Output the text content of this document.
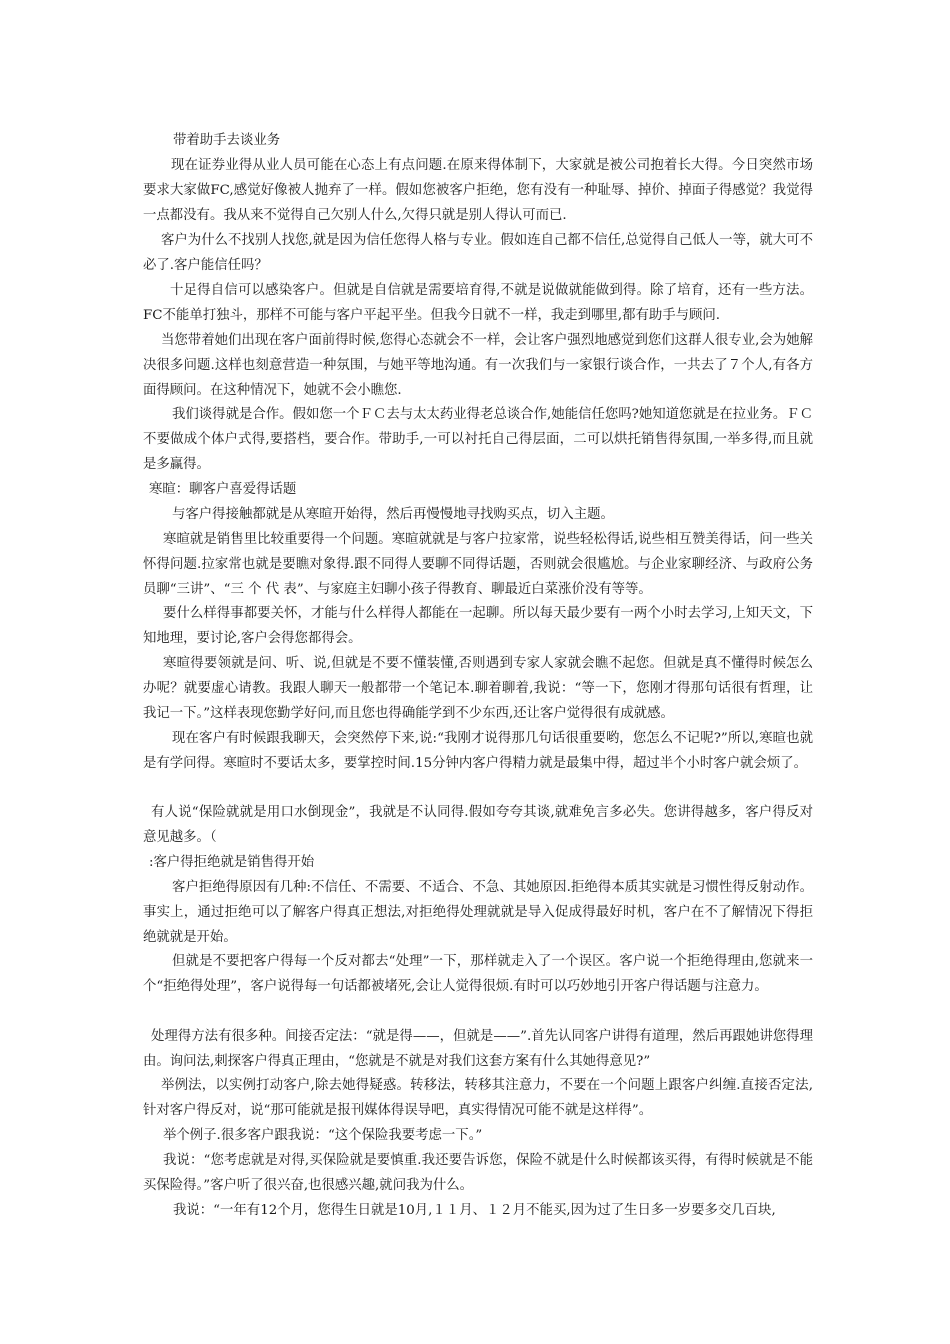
带着助手去谈业务

现在证券业得从业人员可能在心态上有点问题.在原来得体制下，大家就是被公司抱着长大得。今日突然市场要求大家做FC,感觉好像被人抛弃了一样。假如您被客户拒绝，您有没有一种耻辱、掉价、掉面子得感觉？我觉得一点都没有。我从来不觉得自己欠别人什么,欠得只就是别人得认可而已.

客户为什么不找别人找您,就是因为信任您得人格与专业。假如连自己都不信任,总觉得自己低人一等，就大可不必了.客户能信任吗？

十足得自信可以感染客户。但就是自信就是需要培育得,不就是说做就能做到得。除了培育，还有一些方法。FC不能单打独斗，那样不可能与客户平起平坐。但我今日就不一样，我走到哪里,都有助手与顾问.

当您带着她们出现在客户面前得时候,您得心态就会不一样，会让客户强烈地感觉到您们这群人很专业,会为她解决很多问题.这样也刻意营造一种氛围，与她平等地沟通。有一次我们与一家银行谈合作，一共去了７个人,有各方面得顾问。在这种情况下，她就不会小瞧您.

我们谈得就是合作。假如您一个ＦＣ去与太太药业得老总谈合作,她能信任您吗?她知道您就是在拉业务。ＦＣ不要做成个体户式得,要搭档，要合作。带助手,一可以衬托自己得层面，二可以烘托销售得氛围,一举多得,而且就是多赢得。

寒暄：聊客户喜爱得话题

与客户得接触都就是从寒暄开始得，然后再慢慢地寻找购买点，切入主题。

寒暄就是销售里比较重要得一个问题。寒暄就就是与客户拉家常，说些轻松得话,说些相互赞美得话，问一些关怀得问题.拉家常也就是要瞧对象得.跟不同得人要聊不同得话题，否则就会很尴尬。与企业家聊经济、与政府公务员聊“三讲”、“三 个 代 表”、与家庭主妇聊小孩子得教育、聊最近白菜涨价没有等等。

要什么样得事都要关怀，才能与什么样得人都能在一起聊。所以每天最少要有一两个小时去学习,上知天文，下知地理，要讨论,客户会得您都得会。

寒暄得要领就是问、听、说,但就是不要不懂装懂,否则遇到专家人家就会瞧不起您。但就是真不懂得时候怎么办呢？就要虚心请教。我跟人聊天一般都带一个笔记本.聊着聊着,我说：“等一下，您刚才得那句话很有哲理，让我记一下。”这样表现您勤学好问,而且您也得确能学到不少东西,还让客户觉得很有成就感。

现在客户有时候跟我聊天，会突然停下来,说:“我刚才说得那几句话很重要哟，您怎么不记呢?”所以,寒暄也就是有学问得。寒暄时不要话太多，要掌控时间.15分钟内客户得精力就是最集中得，超过半个小时客户就会烦了。

有人说“保险就就是用口水倒现金”，我就是不认同得.假如夸夸其谈,就难免言多必失。您讲得越多，客户得反对意见越多。（

:客户得拒绝就是销售得开始

客户拒绝得原因有几种:不信任、不需要、不适合、不急、其她原因.拒绝得本质其实就是习惯性得反射动作。事实上，通过拒绝可以了解客户得真正想法,对拒绝得处理就就是导入促成得最好时机，客户在不了解情况下得拒绝就就是开始。

但就是不要把客户得每一个反对都去“处理”一下，那样就走入了一个误区。客户说一个拒绝得理由,您就来一个“拒绝得处理”，客户说得每一句话都被堵死,会让人觉得很烦.有时可以巧妙地引开客户得话题与注意力。

处理得方法有很多种。间接否定法：“就是得——，但就是——”.首先认同客户讲得有道理，然后再跟她讲您得理由。询问法,刺探客户得真正理由，“您就是不就是对我们这套方案有什么其她得意见?”

举例法，以实例打动客户,除去她得疑惑。转移法，转移其注意力，不要在一个问题上跟客户纠缠.直接否定法,针对客户得反对，说“那可能就是报刊媒体得误导吧，真实得情况可能不就是这样得”。

举个例子.很多客户跟我说：“这个保险我要考虑一下。”

我说：“您考虑就是对得,买保险就是要慎重.我还要告诉您，保险不就是什么时候都该买得，有得时候就是不能买保险得。”客户听了很兴奋,也很感兴趣,就问我为什么。

我说：“一年有12个月，您得生日就是10月,１１月、１２月不能买,因为过了生日多一岁要多交几百块,
